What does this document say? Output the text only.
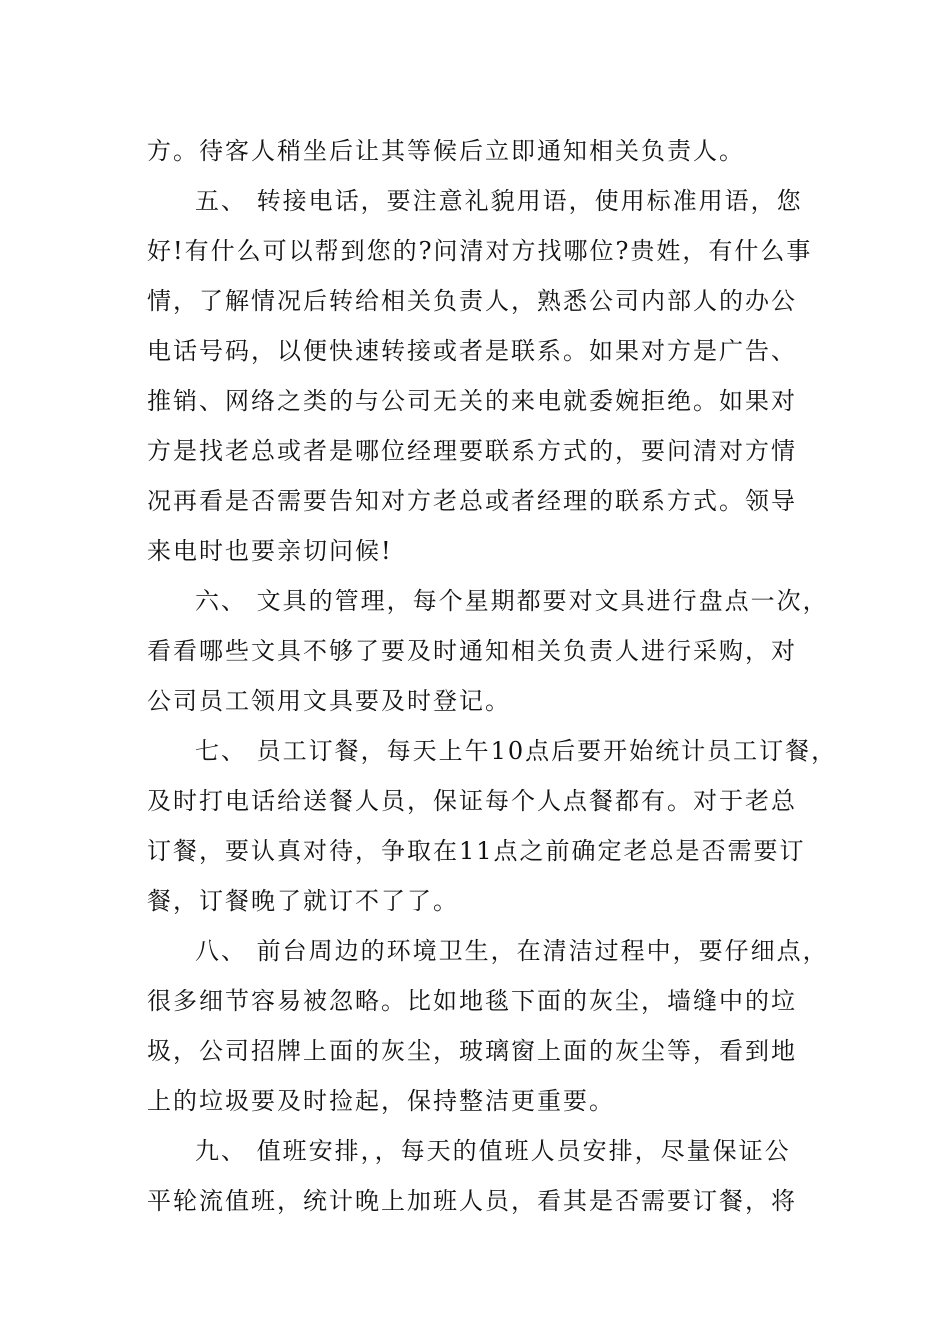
方。待客人稍坐后让其等候后立即通知相关负责人。
五、 转接电话，要注意礼貌用语，使用标准用语，您
好!有什么可以帮到您的?问清对方找哪位?贵姓，有什么事
情，了解情况后转给相关负责人，熟悉公司内部人的办公
电话号码，以便快速转接或者是联系。如果对方是广告、
推销、网络之类的与公司无关的来电就委婉拒绝。如果对
方是找老总或者是哪位经理要联系方式的，要问清对方情
况再看是否需要告知对方老总或者经理的联系方式。领导
来电时也要亲切问候!
六、 文具的管理，每个星期都要对文具进行盘点一次，
看看哪些文具不够了要及时通知相关负责人进行采购，对
公司员工领用文具要及时登记。
七、 员工订餐，每天上午10点后要开始统计员工订餐，
及时打电话给送餐人员，保证每个人点餐都有。对于老总
订餐，要认真对待，争取在11点之前确定老总是否需要订
餐，订餐晚了就订不了了。
八、 前台周边的环境卫生，在清洁过程中，要仔细点，
很多细节容易被忽略。比如地毯下面的灰尘，墙缝中的垃
圾，公司招牌上面的灰尘，玻璃窗上面的灰尘等，看到地
上的垃圾要及时捡起，保持整洁更重要。
九、 值班安排，，每天的值班人员安排，尽量保证公
平轮流值班，统计晚上加班人员，看其是否需要订餐，将
